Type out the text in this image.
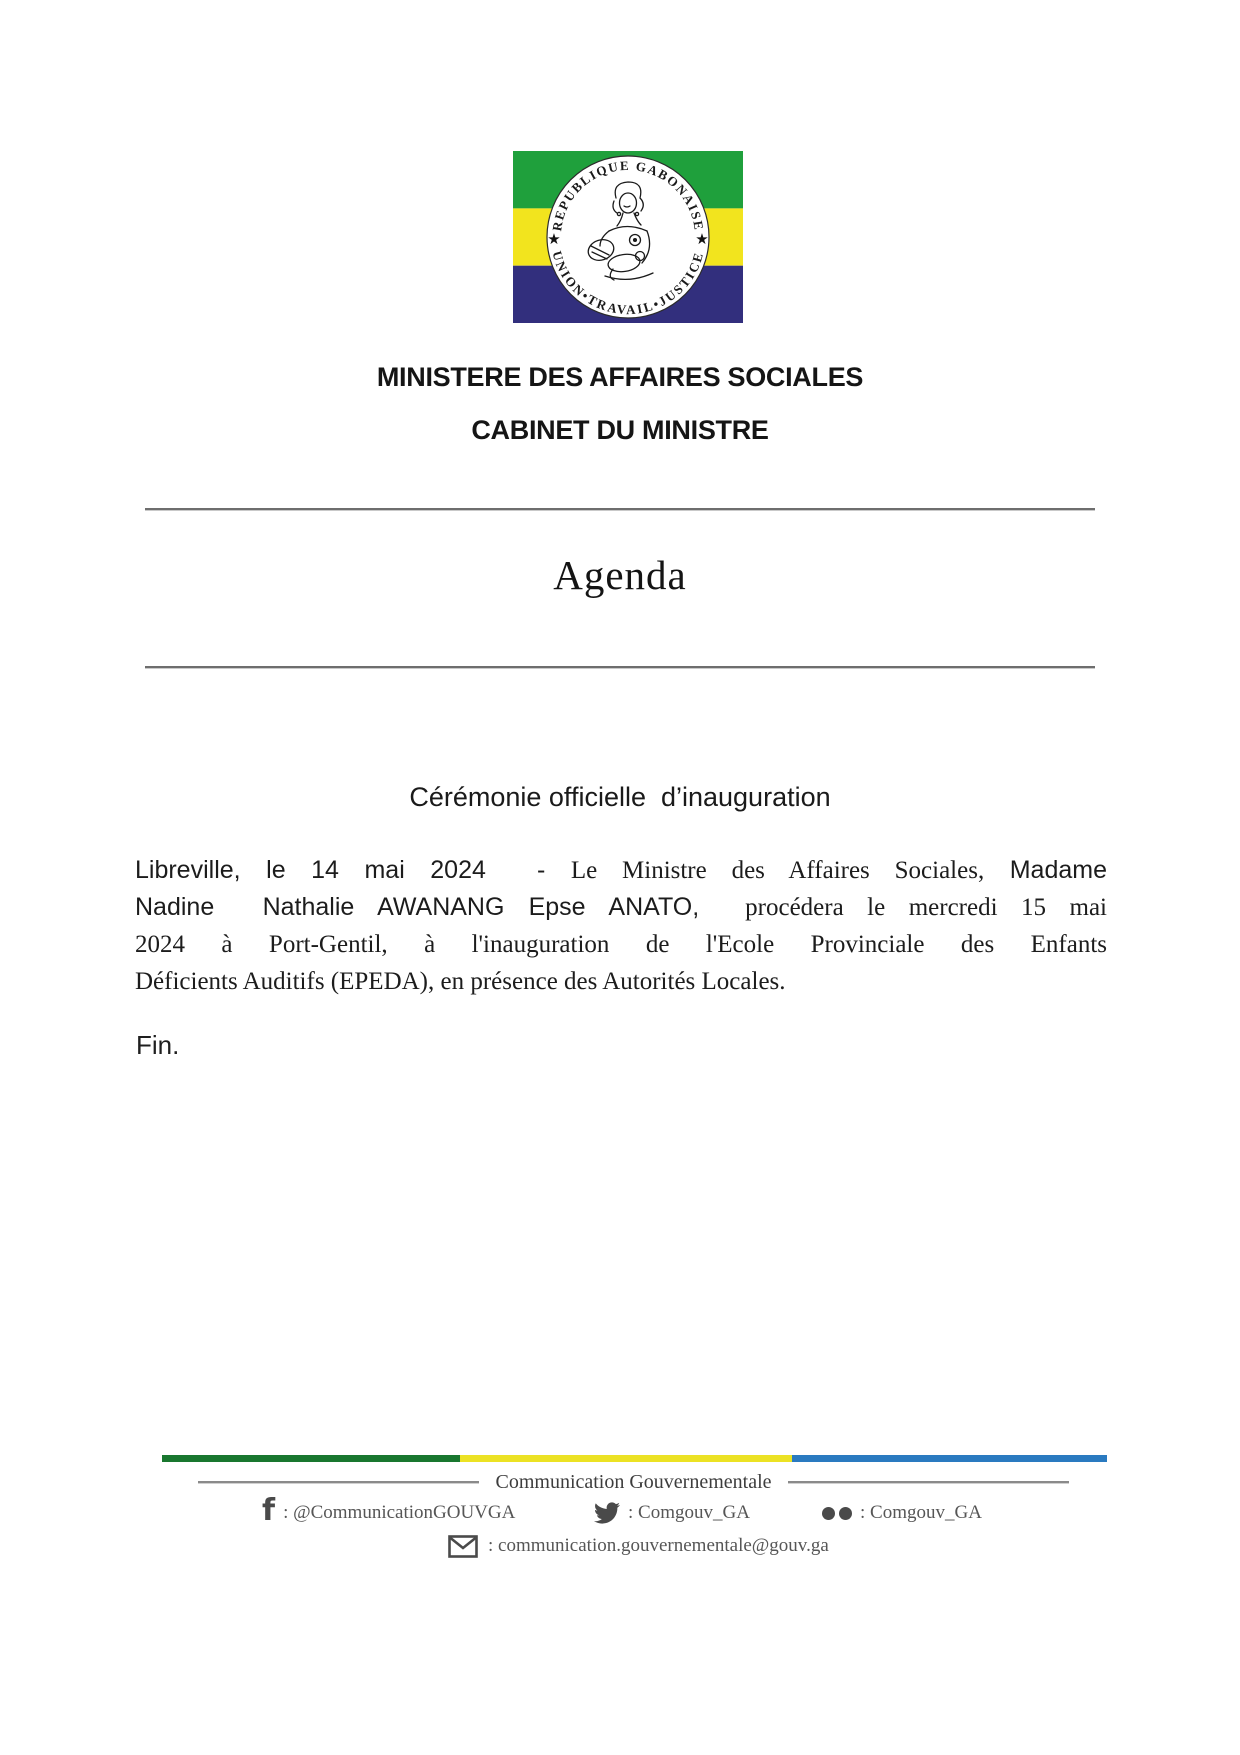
REPUBLIQUE GABONAISE
UNION•TRAVAIL•JUSTICE
★	★
MINISTERE DES AFFAIRES SOCIALES
CABINET DU MINISTRE
Agenda
Cérémonie officielle  d’inauguration
Libreville, le 14 mai 2024  - Le Ministre des Affaires Sociales, Madame
Nadine  Nathalie AWANANG Epse ANATO, procédera le mercredi 15 mai
2024 à Port-Gentil, à l'inauguration de l'Ecole Provinciale des Enfants
Déficients Auditifs (EPEDA), en présence des Autorités Locales.
Fin.
Communication Gouvernementale
f : @CommunicationGOUVGA	: Comgouv_GA	: Comgouv_GA
: communication.gouvernementale@gouv.ga
